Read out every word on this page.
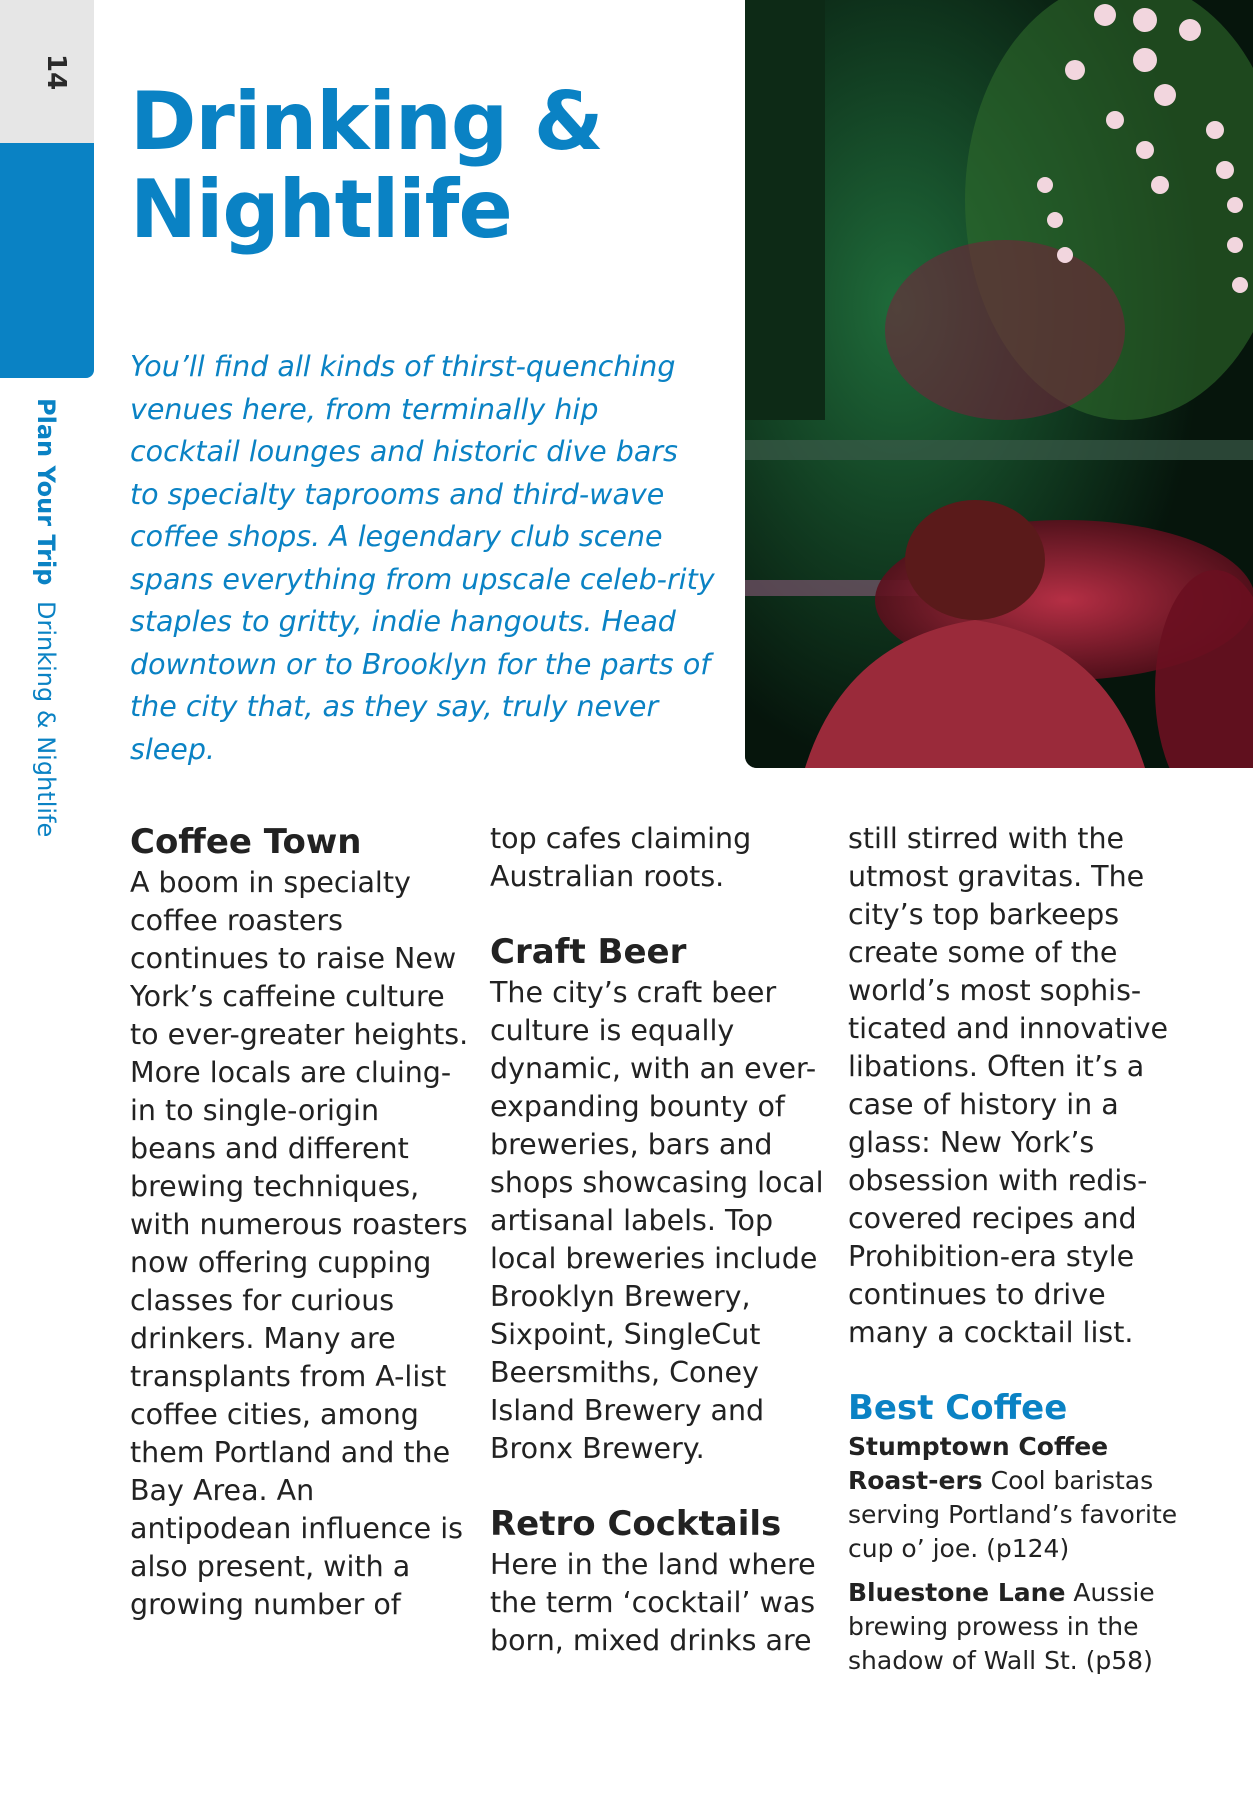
14
Plan Your Trip Drinking & Nightlife
Drinking &
Nightlife

You’ll find all kinds of thirst-quenching venues here, from terminally hip cocktail lounges and historic dive bars to specialty taprooms and third-wave coffee shops. A legendary club scene spans everything from upscale celeb-rity staples to gritty, indie hangouts. Head downtown or to Brooklyn for the parts of the city that, as they say, truly never sleep.

Coffee Town

A boom in specialty coffee roasters continues to raise New York’s caffeine culture to ever-greater heights. More locals are cluing-in to single-origin beans and different brewing techniques, with numerous roasters now offering cupping classes for curious drinkers. Many are transplants from A-list coffee cities, among them Portland and the Bay Area. An antipodean influence is also present, with a growing number of

top cafes claiming Australian roots.

Craft Beer

The city’s craft beer culture is equally dynamic, with an ever-expanding bounty of breweries, bars and shops showcasing local artisanal labels. Top local breweries include Brooklyn Brewery, Sixpoint, SingleCut Beersmiths, Coney Island Brewery and Bronx Brewery.

Retro Cocktails

Here in the land where the term ‘cocktail’ was born, mixed drinks are

still stirred with the utmost gravitas. The city’s top barkeeps create some of the world’s most sophis-ticated and innovative libations. Often it’s a case of history in a glass: New York’s obsession with redis-covered recipes and Prohibition-era style continues to drive many a cocktail list.

Best Coffee

Stumptown Coffee Roast-ers Cool baristas serving Portland’s favorite cup o’ joe. (p124)

Bluestone Lane Aussie brewing prowess in the shadow of Wall St. (p58)
